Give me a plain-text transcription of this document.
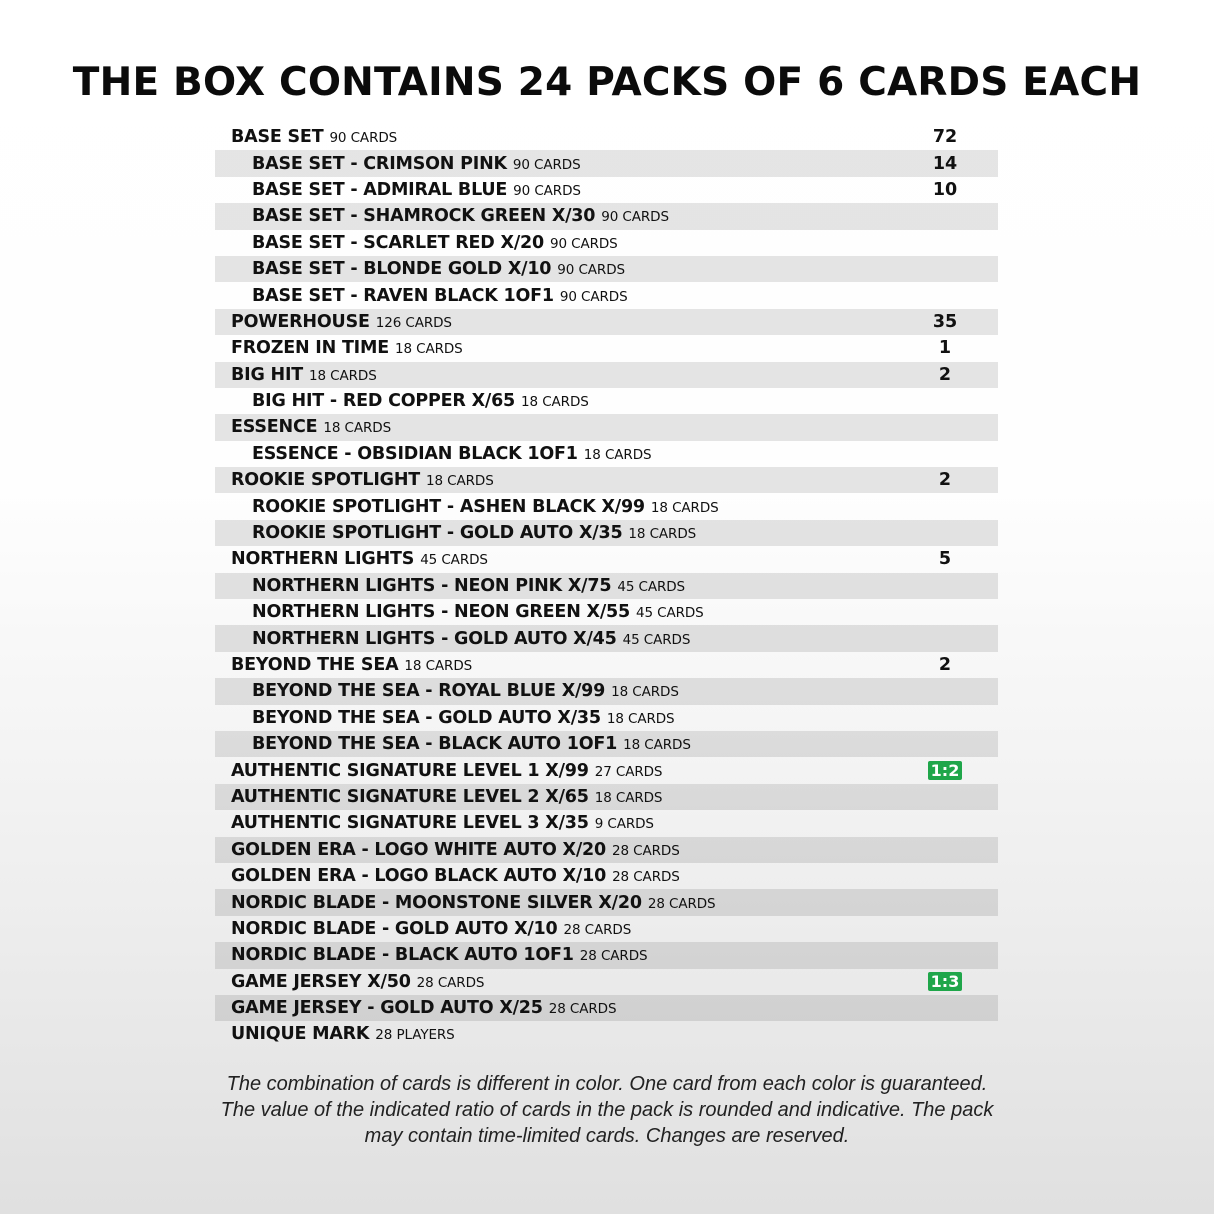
THE BOX CONTAINS 24 PACKS OF 6 CARDS EACH
BASE SET 90 CARDS	72
BASE SET - CRIMSON PINK 90 CARDS	14
BASE SET - ADMIRAL BLUE 90 CARDS	10
BASE SET - SHAMROCK GREEN X/30 90 CARDS
BASE SET - SCARLET RED X/20 90 CARDS
BASE SET - BLONDE GOLD X/10 90 CARDS
BASE SET - RAVEN BLACK 1OF1 90 CARDS
POWERHOUSE 126 CARDS	35
FROZEN IN TIME 18 CARDS	1
BIG HIT 18 CARDS	2
BIG HIT - RED COPPER X/65 18 CARDS
ESSENCE 18 CARDS
ESSENCE - OBSIDIAN BLACK 1OF1 18 CARDS
ROOKIE SPOTLIGHT 18 CARDS	2
ROOKIE SPOTLIGHT - ASHEN BLACK X/99 18 CARDS
ROOKIE SPOTLIGHT - GOLD AUTO X/35 18 CARDS
NORTHERN LIGHTS 45 CARDS	5
NORTHERN LIGHTS - NEON PINK X/75 45 CARDS
NORTHERN LIGHTS - NEON GREEN X/55 45 CARDS
NORTHERN LIGHTS - GOLD AUTO X/45 45 CARDS
BEYOND THE SEA 18 CARDS	2
BEYOND THE SEA - ROYAL BLUE X/99 18 CARDS
BEYOND THE SEA - GOLD AUTO X/35 18 CARDS
BEYOND THE SEA - BLACK AUTO 1OF1 18 CARDS
AUTHENTIC SIGNATURE LEVEL 1 X/99 27 CARDS	1:2
AUTHENTIC SIGNATURE LEVEL 2 X/65 18 CARDS
AUTHENTIC SIGNATURE LEVEL 3 X/35 9 CARDS
GOLDEN ERA - LOGO WHITE AUTO X/20 28 CARDS
GOLDEN ERA - LOGO BLACK AUTO X/10 28 CARDS
NORDIC BLADE - MOONSTONE SILVER X/20 28 CARDS
NORDIC BLADE - GOLD AUTO X/10 28 CARDS
NORDIC BLADE - BLACK AUTO 1OF1 28 CARDS
GAME JERSEY X/50 28 CARDS	1:3
GAME JERSEY - GOLD AUTO X/25 28 CARDS
UNIQUE MARK 28 PLAYERS
The combination of cards is different in color. One card from each color is guaranteed.
The value of the indicated ratio of cards in the pack is rounded and indicative. The pack
may contain time-limited cards. Changes are reserved.
